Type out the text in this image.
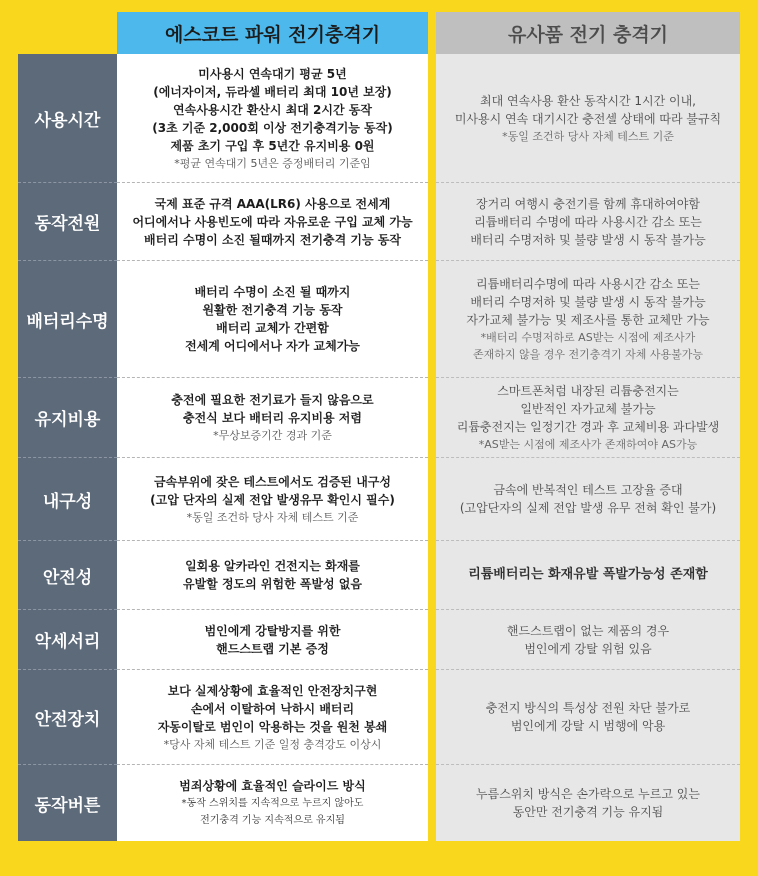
에스코트 파워 전기충격기	유사품 전기 충격기
사용시간
미사용시 연속대기 평균 5년
(에너자이저, 듀라셀 배터리 최대 10년 보장)
연속사용시간 환산시 최대 2시간 동작
(3초 기준 2,000회 이상 전기충격기능 동작)
제품 초기 구입 후 5년간 유지비용 0원
*평균 연속대기 5년은 증정배터리 기준임
최대 연속사용 환산 동작시간 1시간 이내,
미사용시 연속 대기시간 충전셀 상태에 따라 불규칙
*동일 조건하 당사 자체 테스트 기준
동작전원
국제 표준 규격 AAA(LR6) 사용으로 전세계
어디에서나 사용빈도에 따라 자유로운 구입 교체 가능
배터리 수명이 소진 될때까지 전기충격 기능 동작
장거리 여행시 충전기를 함께 휴대하여야함
리튬배터리 수명에 따라 사용시간 감소 또는
배터리 수명저하 및 불량 발생 시 동작 불가능
배터리수명
배터리 수명이 소진 될 때까지
원활한 전기충격 기능 동작
배터리 교체가 간편함
전세계 어디에서나 자가 교체가능
리튬배터리수명에 따라 사용시간 감소 또는
배터리 수명저하 및 불량 발생 시 동작 불가능
자가교체 불가능 및 제조사를 통한 교체만 가능
*배터리 수명저하로 AS받는 시점에 제조사가
존재하지 않을 경우 전기충격기 자체 사용불가능
유지비용
충전에 필요한 전기료가 들지 않음으로
충전식 보다 배터리 유지비용 저렴
*무상보증기간 경과 기준
스마트폰처럼 내장된 리튬충전지는
일반적인 자가교체 불가능
리튬충전지는 일정기간 경과 후 교체비용 과다발생
*AS받는 시점에 제조사가 존재하여야 AS가능
내구성
금속부위에 잦은 테스트에서도 검증된 내구성
(고압 단자의 실제 전압 발생유무 확인시 필수)
*동일 조건하 당사 자체 테스트 기준
금속에 반복적인 테스트 고장율 증대
(고압단자의 실제 전압 발생 유무 전혀 확인 불가)
안전성
일회용 알카라인 건전지는 화재를
유발할 정도의 위험한 폭발성 없음
리튬배터리는 화재유발 폭발가능성 존재함
악세서리
범인에게 강탈방지를 위한
핸드스트랩 기본 증정
핸드스트랩이 없는 제품의 경우
범인에게 강탈 위험 있음
안전장치
보다 실제상황에 효율적인 안전장치구현
손에서 이탈하여 낙하시 배터리
자동이탈로 범인이 악용하는 것을 원천 봉쇄
*당사 자체 테스트 기준 일정 충격강도 이상시
충전지 방식의 특성상 전원 차단 불가로
범인에게 강탈 시 범행에 악용
동작버튼
범죄상황에 효율적인 슬라이드 방식
*동작 스위치를 지속적으로 누르지 않아도
전기충격 기능 지속적으로 유지됨
누름스위치 방식은 손가락으로 누르고 있는
동안만 전기충격 기능 유지됨
